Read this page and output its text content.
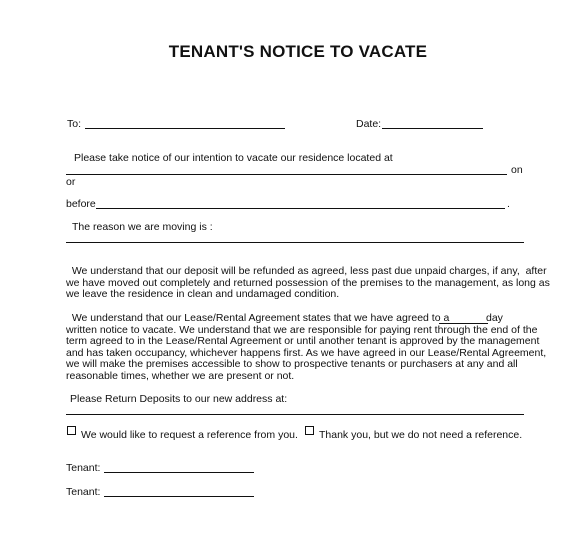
TENANT'S NOTICE TO VACATE
To:	Date:
Please take notice of our intention to vacate our residence located at
on
or
before	.
The reason we are moving is :
We understand that our deposit will be refunded as agreed, less past due unpaid charges, if any,  after
we have moved out completely and returned possession of the premises to the management, as long as
we leave the residence in clean and undamaged condition.
We understand that our Lease/Rental Agreement states that we have agreed to a	day
written notice to vacate. We understand that we are responsible for paying rent through the end of the
term agreed to in the Lease/Rental Agreement or until another tenant is approved by the management
and has taken occupancy, whichever happens first. As we have agreed in our Lease/Rental Agreement,
we will make the premises accessible to show to prospective tenants or purchasers at any and all
reasonable times, whether we are present or not.
Please Return Deposits to our new address at:
We would like to request a reference from you. Thank you, but we do not need a reference.
Tenant:
Tenant:
